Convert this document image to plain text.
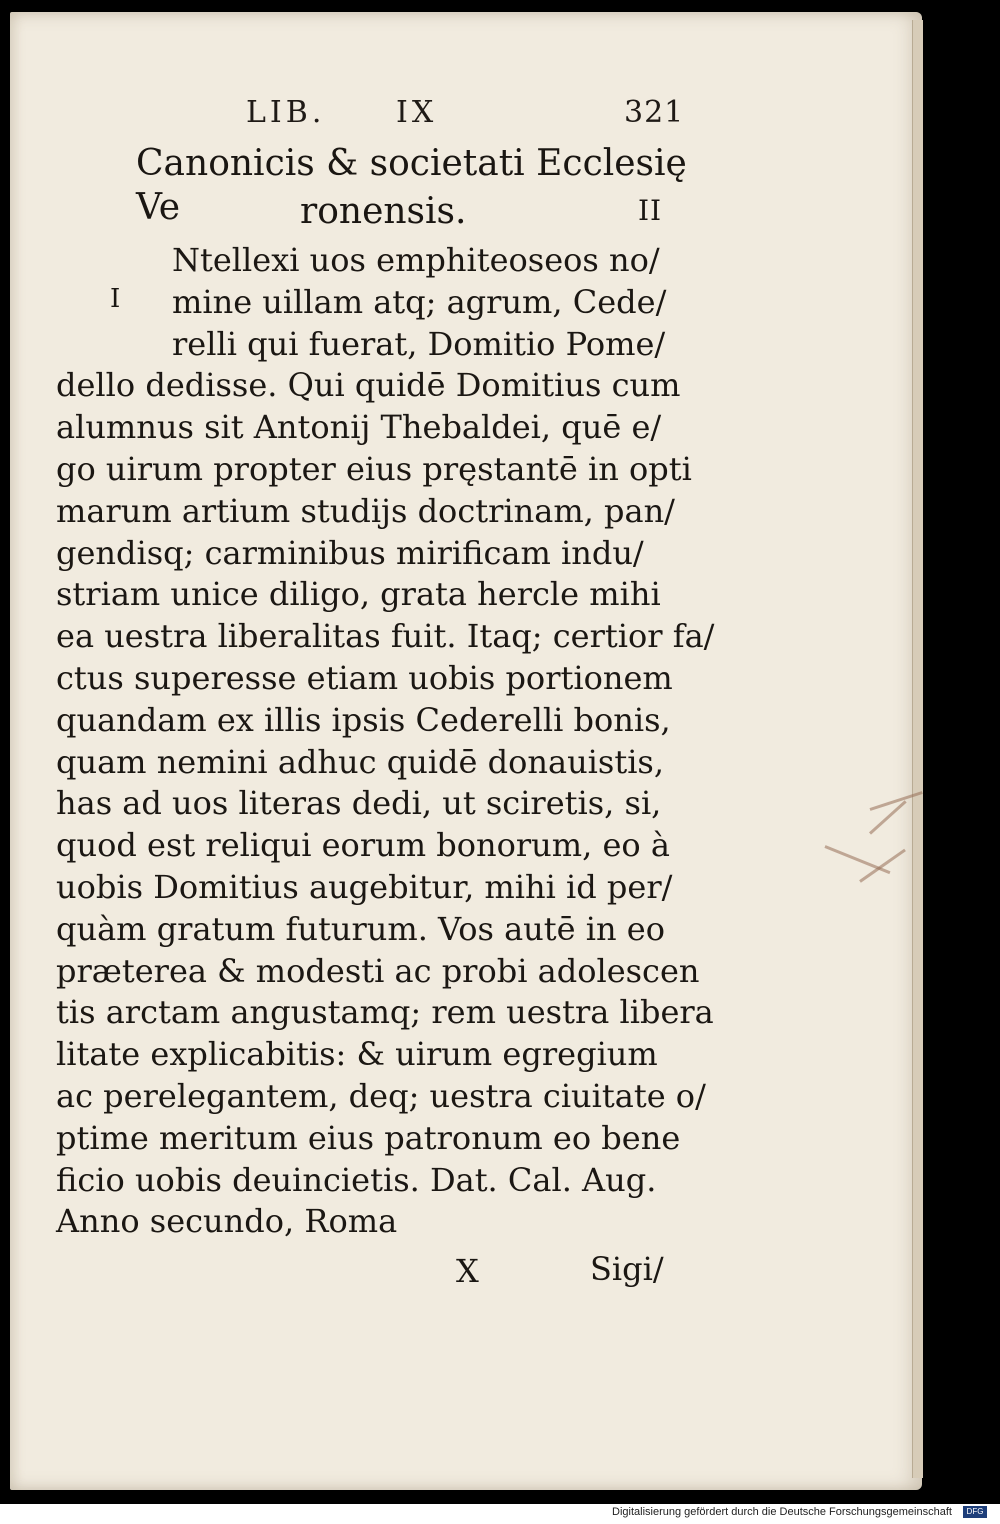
LIB. IX	321
Canonicis & societati Ecclesię Ve	ronensis.	II
I
Ntellexi uos emphiteoseos no/
mine uillam atq; agrum, Cede/
relli qui fuerat, Domitio Pome/
dello dedisse. Qui quidē Domitius cum
alumnus sit Antonij Thebaldei, quē e/
go uirum propter eius pręstantē in opti
marum artium studijs doctrinam, pan/
gendisq; carminibus mirificam indu/
striam unice diligo, grata hercle mihi
ea uestra liberalitas fuit. Itaq; certior fa/
ctus superesse etiam uobis portionem
quandam ex illis ipsis Cederelli bonis,
quam nemini adhuc quidē donauistis,
has ad uos literas dedi, ut sciretis, si,
quod est reliqui eorum bonorum, eo à
uobis Domitius augebitur, mihi id per/
quàm gratum futurum. Vos autē in eo
præterea & modesti ac probi adolescen
tis arctam angustamq; rem uestra libera
litate explicabitis: & uirum egregium
ac perelegantem, deq; uestra ciuitate o/
ptime meritum eius patronum eo bene
ficio uobis deuincietis. Dat. Cal. Aug.
Anno secundo, Roma
X	Sigi/
Digitalisierung gefördert durch die Deutsche Forschungsgemeinschaft	DFG
